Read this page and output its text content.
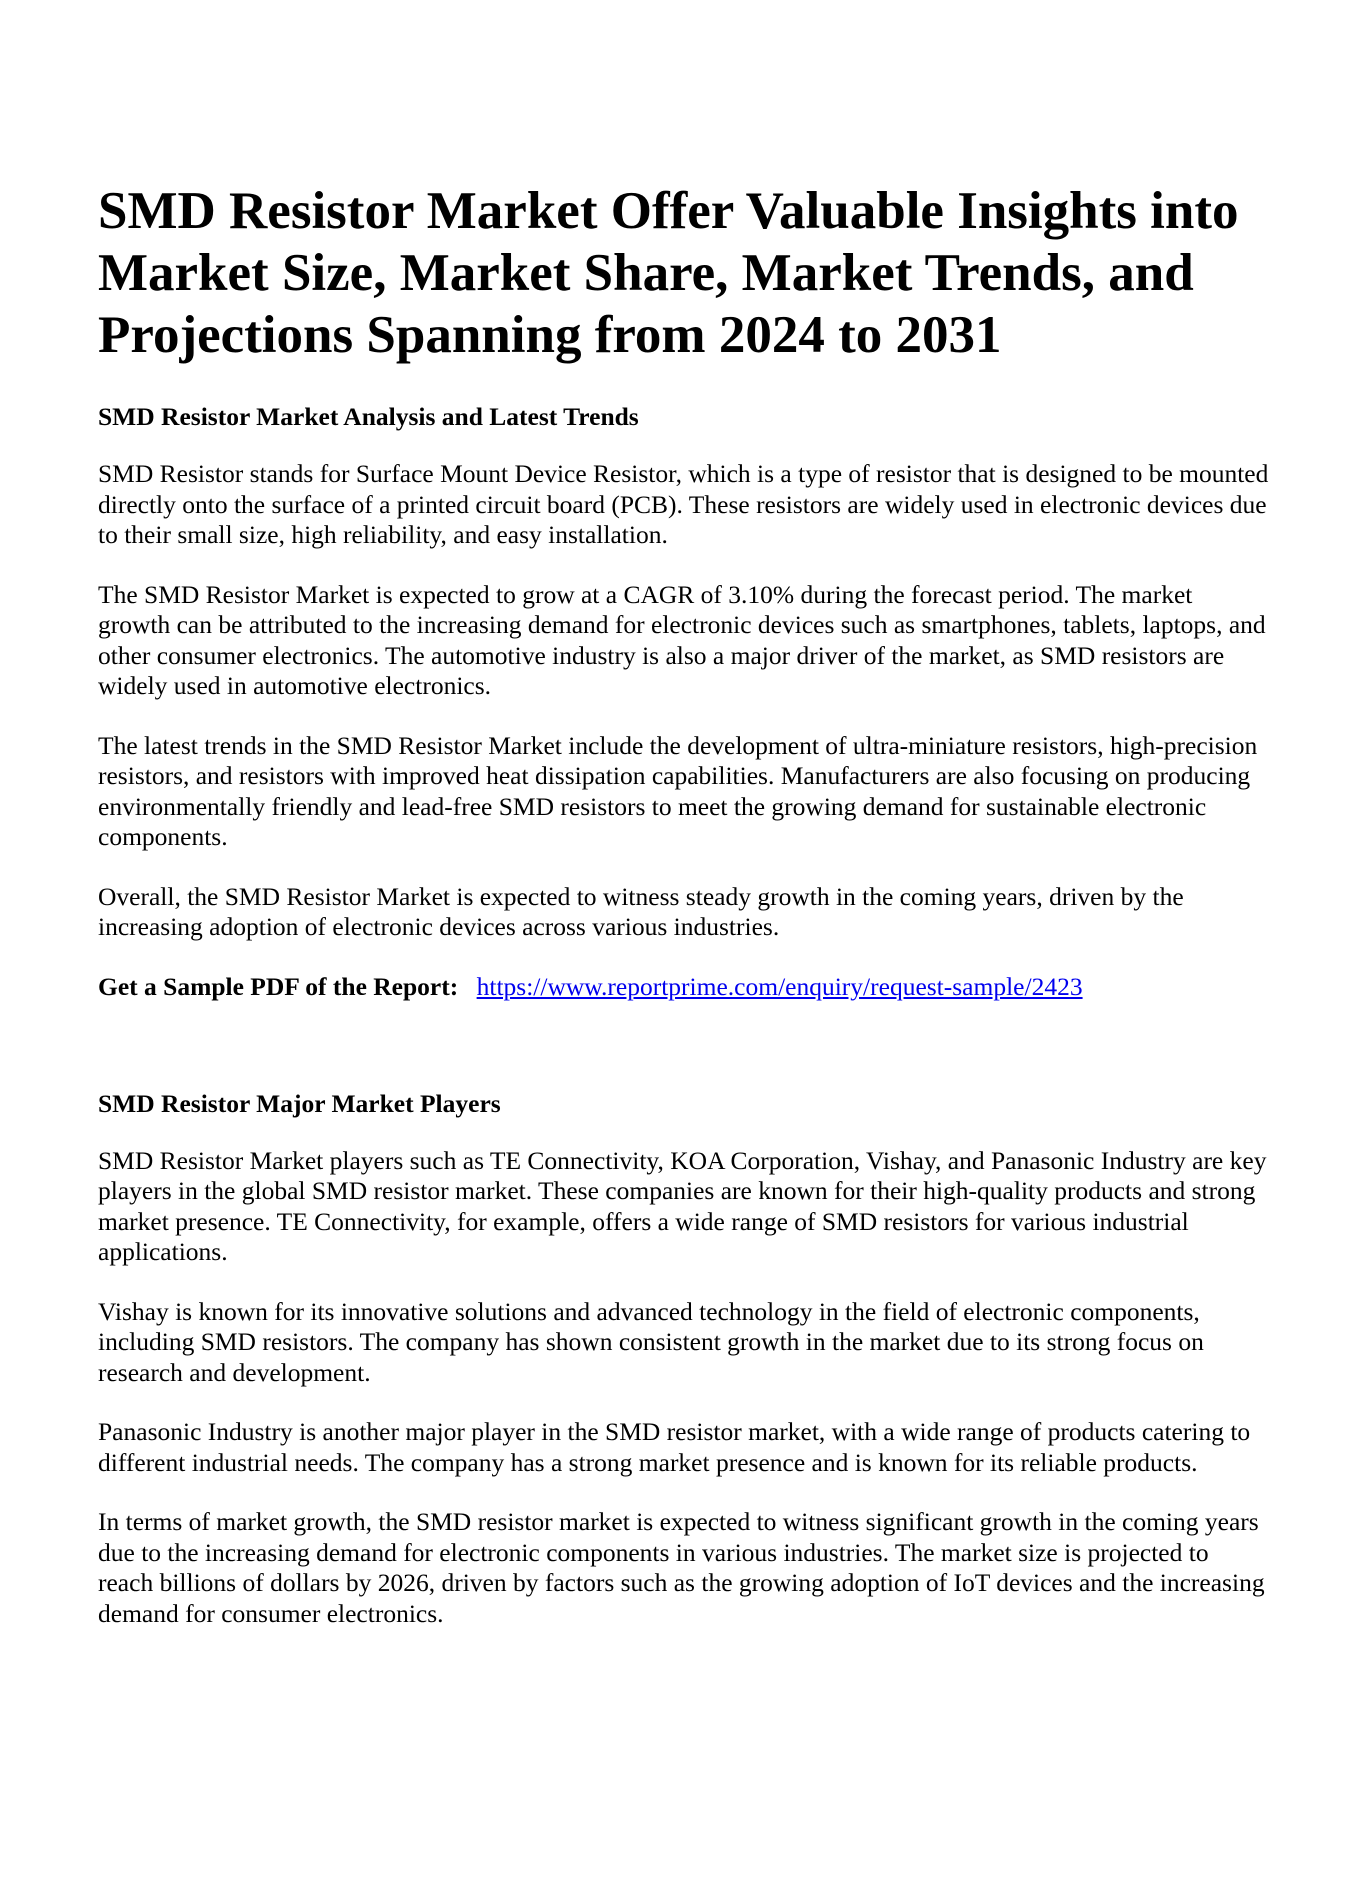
SMD Resistor Market Offer Valuable Insights into Market Size, Market Share, Market Trends, and Projections Spanning from 2024 to 2031
SMD Resistor Market Analysis and Latest Trends

SMD Resistor stands for Surface Mount Device Resistor, which is a type of resistor that is designed to be mounted directly onto the surface of a printed circuit board (PCB). These resistors are widely used in electronic devices due to their small size, high reliability, and easy installation.

The SMD Resistor Market is expected to grow at a CAGR of 3.10% during the forecast period. The market growth can be attributed to the increasing demand for electronic devices such as smartphones, tablets, laptops, and other consumer electronics. The automotive industry is also a major driver of the market, as SMD resistors are widely used in automotive electronics.

The latest trends in the SMD Resistor Market include the development of ultra-miniature resistors, high-precision resistors, and resistors with improved heat dissipation capabilities. Manufacturers are also focusing on producing environmentally friendly and lead-free SMD resistors to meet the growing demand for sustainable electronic components.

Overall, the SMD Resistor Market is expected to witness steady growth in the coming years, driven by the increasing adoption of electronic devices across various industries.

Get a Sample PDF of the Report: https://www.reportprime.com/enquiry/request-sample/2423

SMD Resistor Major Market Players

SMD Resistor Market players such as TE Connectivity, KOA Corporation, Vishay, and Panasonic Industry are key players in the global SMD resistor market. These companies are known for their high-quality products and strong market presence. TE Connectivity, for example, offers a wide range of SMD resistors for various industrial applications.

Vishay is known for its innovative solutions and advanced technology in the field of electronic components, including SMD resistors. The company has shown consistent growth in the market due to its strong focus on research and development.

Panasonic Industry is another major player in the SMD resistor market, with a wide range of products catering to different industrial needs. The company has a strong market presence and is known for its reliable products.

In terms of market growth, the SMD resistor market is expected to witness significant growth in the coming years due to the increasing demand for electronic components in various industries. The market size is projected to reach billions of dollars by 2026, driven by factors such as the growing adoption of IoT devices and the increasing demand for consumer electronics.
